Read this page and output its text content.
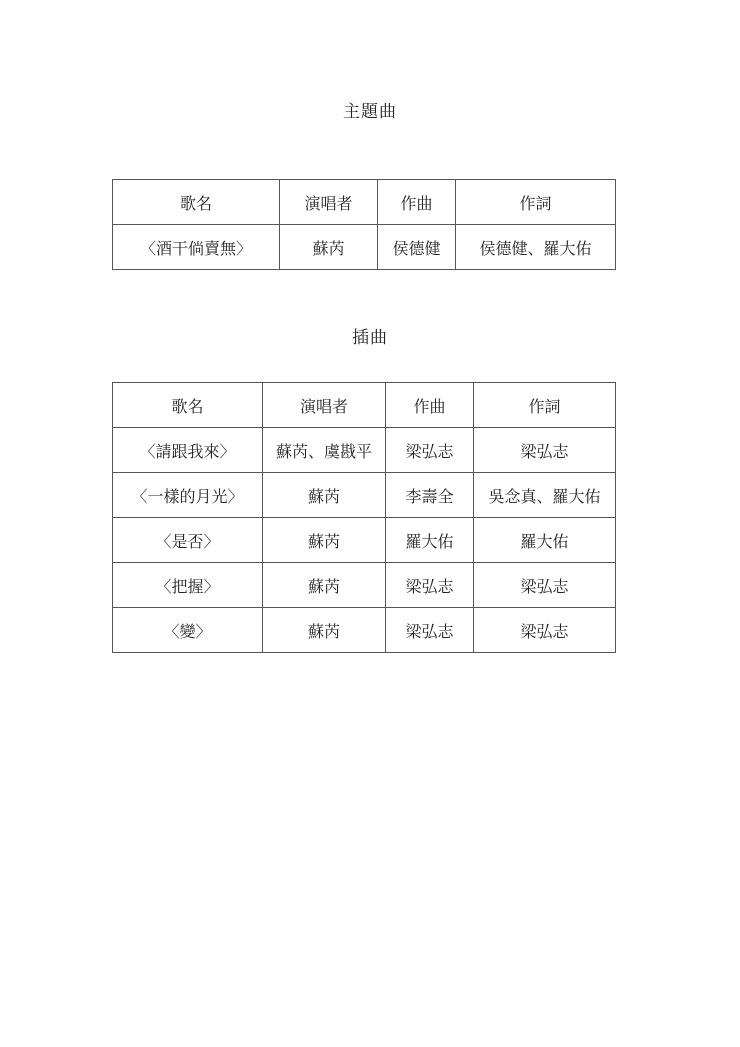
主題曲
歌名	演唱者	作曲	作詞
〈酒干倘賣無〉	蘇芮	侯德健	侯德健、羅大佑
插曲
歌名	演唱者	作曲	作詞
〈請跟我來〉	蘇芮、虞戡平	梁弘志	梁弘志
〈一樣的月光〉	蘇芮	李壽全	吳念真、羅大佑
〈是否〉	蘇芮	羅大佑	羅大佑
〈把握〉	蘇芮	梁弘志	梁弘志
〈變〉	蘇芮	梁弘志	梁弘志
